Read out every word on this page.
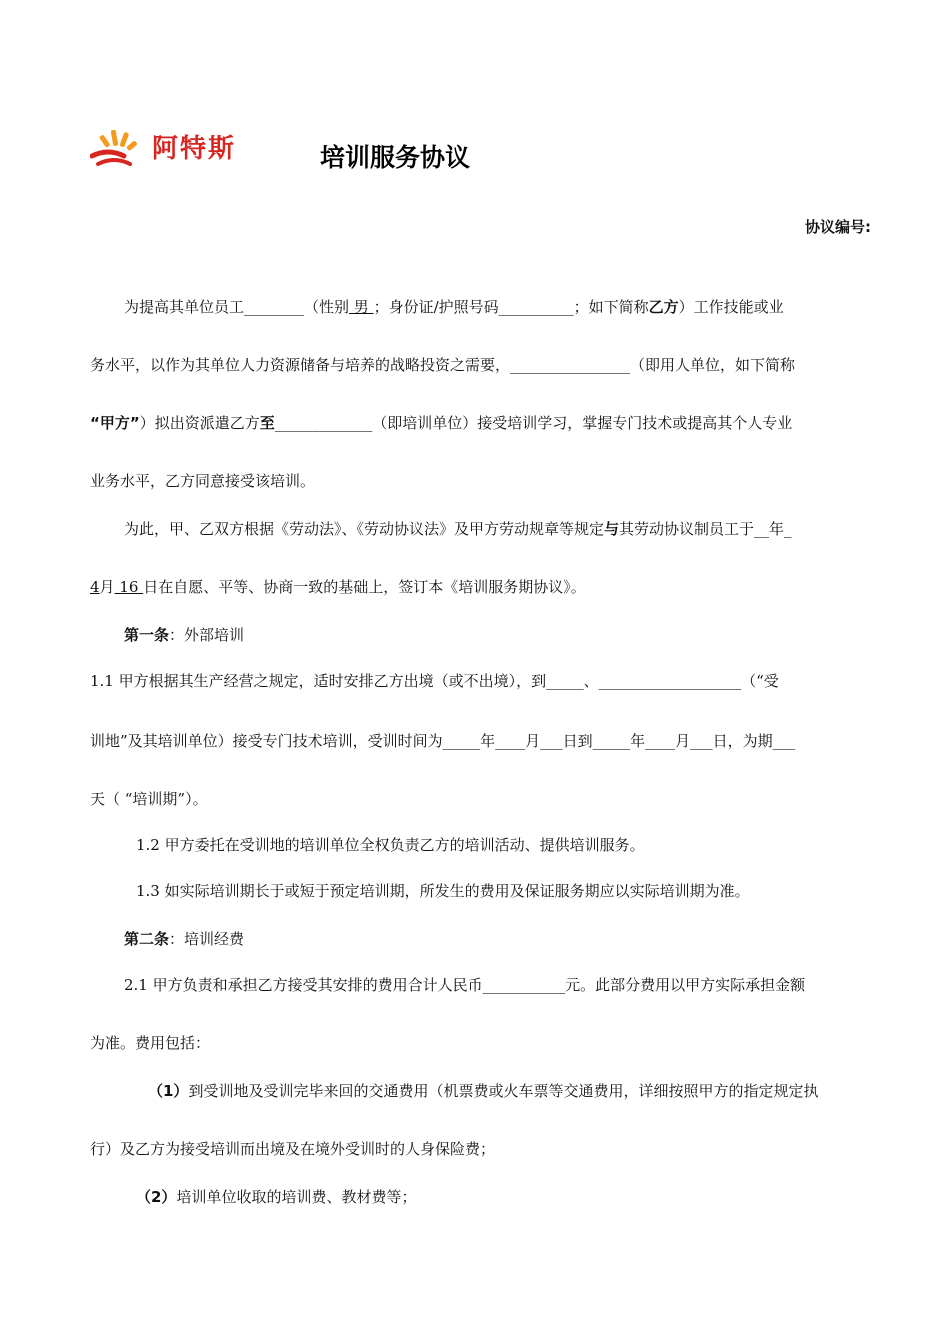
阿特斯	培训服务协议
协议编号:
为提高其单位员工________（性别 男 ；身份证/护照号码__________；如下简称乙方）工作技能或业
务水平，以作为其单位人力资源储备与培养的战略投资之需要，________________（即用人单位，如下简称
“甲方”）拟出资派遣乙方至_____________（即培训单位）接受培训学习，掌握专门技术或提高其个人专业
业务水平，乙方同意接受该培训。
为此，甲、乙双方根据《劳动法》、《劳动协议法》及甲方劳动规章等规定与其劳动协议制员工于__年_
4月 16 日在自愿、平等、协商一致的基础上，签订本《培训服务期协议》。
第一条：外部培训
1.1 甲方根据其生产经营之规定，适时安排乙方出境（或不出境），到_____、___________________（“受
训地”及其培训单位）接受专门技术培训，受训时间为_____年____月___日到_____年____月___日，为期___
天（ “培训期”）。
1.2 甲方委托在受训地的培训单位全权负责乙方的培训活动、提供培训服务。
1.3 如实际培训期长于或短于预定培训期，所发生的费用及保证服务期应以实际培训期为准。
第二条：培训经费
2.1 甲方负责和承担乙方接受其安排的费用合计人民币___________元。此部分费用以甲方实际承担金额
为准。费用包括：
（1）到受训地及受训完毕来回的交通费用（机票费或火车票等交通费用，详细按照甲方的指定规定执
行）及乙方为接受培训而出境及在境外受训时的人身保险费；
（2）培训单位收取的培训费、教材费等；
